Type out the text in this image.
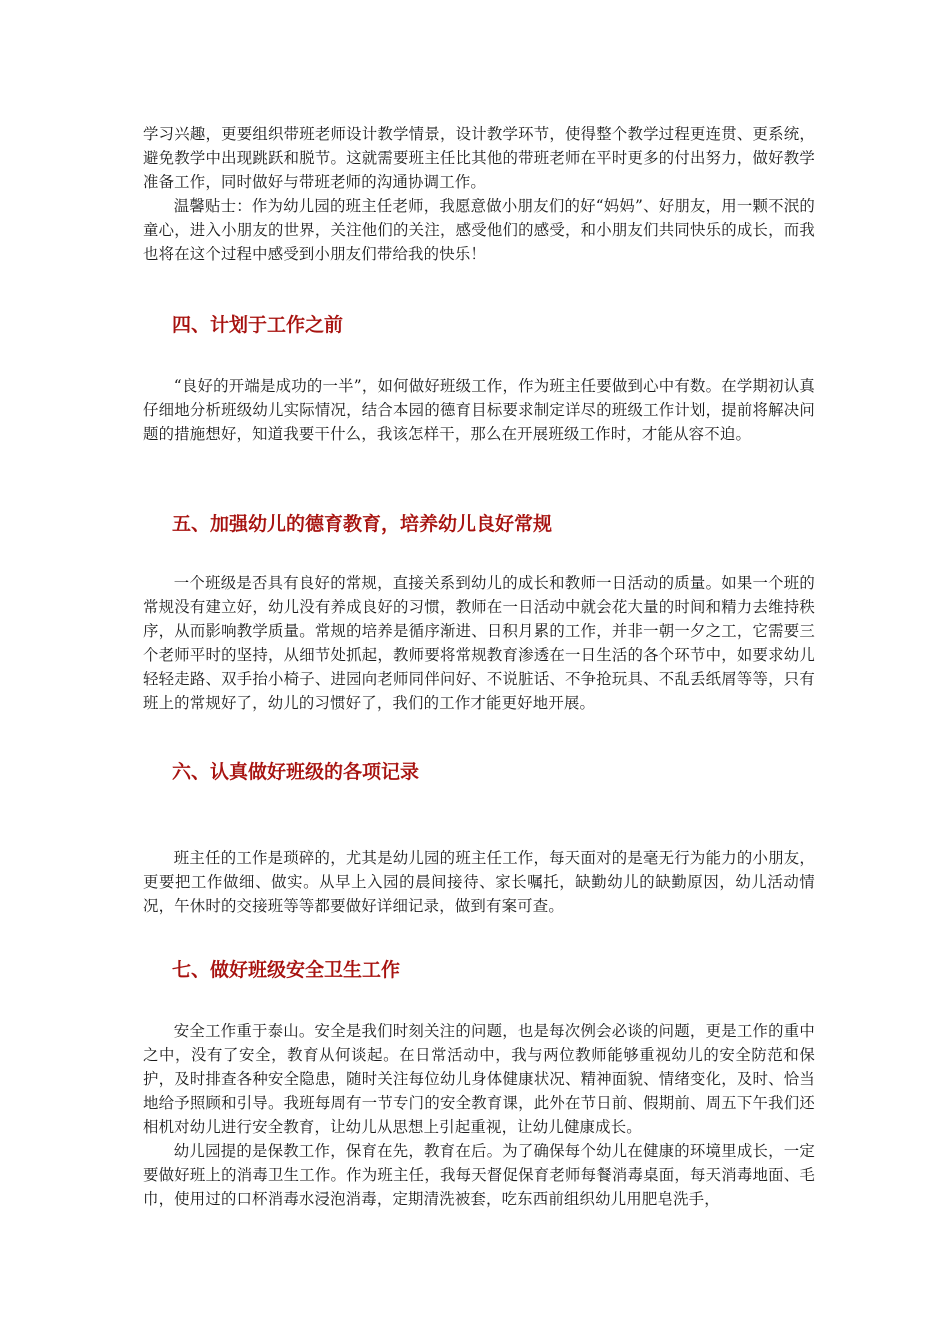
学习兴趣，更要组织带班老师设计教学情景，设计教学环节，使得整个教学过程更连贯、更系统，避免教学中出现跳跃和脱节。这就需要班主任比其他的带班老师在平时更多的付出努力，做好教学准备工作，同时做好与带班老师的沟通协调工作。

温馨贴士：作为幼儿园的班主任老师，我愿意做小朋友们的好“妈妈”、好朋友，用一颗不泯的童心，进入小朋友的世界，关注他们的关注，感受他们的感受，和小朋友们共同快乐的成长，而我也将在这个过程中感受到小朋友们带给我的快乐！

四、计划于工作之前

“良好的开端是成功的一半”，如何做好班级工作，作为班主任要做到心中有数。在学期初认真仔细地分析班级幼儿实际情况，结合本园的德育目标要求制定详尽的班级工作计划，提前将解决问题的措施想好，知道我要干什么，我该怎样干，那么在开展班级工作时，才能从容不迫。

五、加强幼儿的德育教育，培养幼儿良好常规

一个班级是否具有良好的常规，直接关系到幼儿的成长和教师一日活动的质量。如果一个班的常规没有建立好，幼儿没有养成良好的习惯，教师在一日活动中就会花大量的时间和精力去维持秩序，从而影响教学质量。常规的培养是循序渐进、日积月累的工作，并非一朝一夕之工，它需要三个老师平时的坚持，从细节处抓起，教师要将常规教育渗透在一日生活的各个环节中，如要求幼儿轻轻走路、双手抬小椅子、进园向老师同伴问好、不说脏话、不争抢玩具、不乱丢纸屑等等，只有班上的常规好了，幼儿的习惯好了，我们的工作才能更好地开展。

六、认真做好班级的各项记录

班主任的工作是琐碎的，尤其是幼儿园的班主任工作，每天面对的是毫无行为能力的小朋友，更要把工作做细、做实。从早上入园的晨间接待、家长嘱托，缺勤幼儿的缺勤原因，幼儿活动情况，午休时的交接班等等都要做好详细记录，做到有案可查。

七、做好班级安全卫生工作

安全工作重于泰山。安全是我们时刻关注的问题，也是每次例会必谈的问题，更是工作的重中之中，没有了安全，教育从何谈起。在日常活动中，我与两位教师能够重视幼儿的安全防范和保护，及时排查各种安全隐患，随时关注每位幼儿身体健康状况、精神面貌、情绪变化，及时、恰当地给予照顾和引导。我班每周有一节专门的安全教育课，此外在节日前、假期前、周五下午我们还相机对幼儿进行安全教育，让幼儿从思想上引起重视，让幼儿健康成长。

幼儿园提的是保教工作，保育在先，教育在后。为了确保每个幼儿在健康的环境里成长，一定要做好班上的消毒卫生工作。作为班主任，我每天督促保育老师每餐消毒桌面，每天消毒地面、毛巾，使用过的口杯消毒水浸泡消毒，定期清洗被套，吃东西前组织幼儿用肥皂洗手，
